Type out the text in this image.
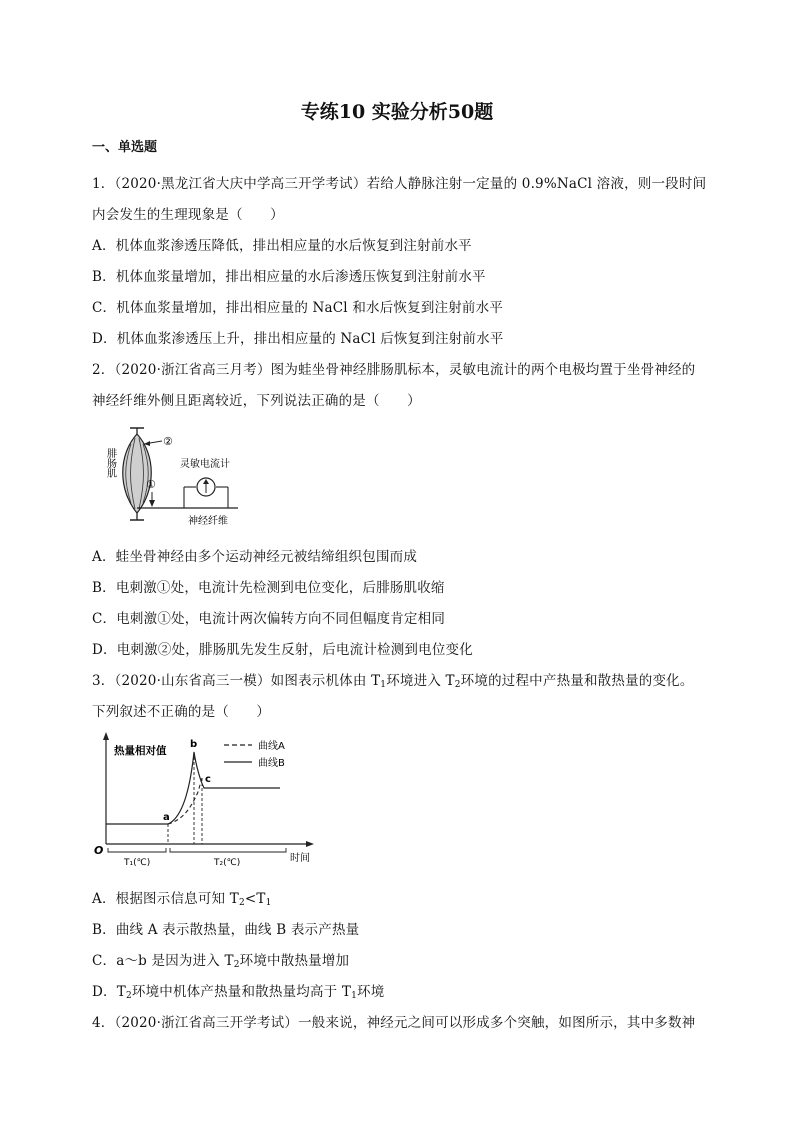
专练10 实验分析50题
一、单选题
1．（2020·黑龙江省大庆中学高三开学考试）若给人静脉注射一定量的 0.9%NaCl 溶液，则一段时间
内会发生的生理现象是（　　）
A．机体血浆渗透压降低，排出相应量的水后恢复到注射前水平
B．机体血浆量增加，排出相应量的水后渗透压恢复到注射前水平
C．机体血浆量增加，排出相应量的 NaCl 和水后恢复到注射前水平
D．机体血浆渗透压上升，排出相应量的 NaCl 后恢复到注射前水平
2．（2020·浙江省高三月考）图为蛙坐骨神经腓肠肌标本，灵敏电流计的两个电极均置于坐骨神经的
神经纤维外侧且距离较近，下列说法正确的是（　　）
腓肠肌
②
①
灵敏电流计
神经纤维
A．蛙坐骨神经由多个运动神经元被结缔组织包围而成
B．电刺激①处，电流计先检测到电位变化，后腓肠肌收缩
C．电刺激①处，电流计两次偏转方向不同但幅度肯定相同
D．电刺激②处，腓肠肌先发生反射，后电流计检测到电位变化
3．（2020·山东省高三一模）如图表示机体由 $T_1$环境进入 $T_2$环境的过程中产热量和散热量的变化。
下列叙述不正确的是（　　）
O
热量相对值
时间
曲线A
曲线B
a
b
c
T₁(℃)	T₂(℃)
A．根据图示信息可知 $T_2<T_1$
B．曲线 A 表示散热量，曲线 B 表示产热量
C．a～b 是因为进入 $T_2$环境中散热量增加
D．$T_2$环境中机体产热量和散热量均高于 $T_1$环境
4．（2020·浙江省高三开学考试）一般来说，神经元之间可以形成多个突触，如图所示，其中多数神
